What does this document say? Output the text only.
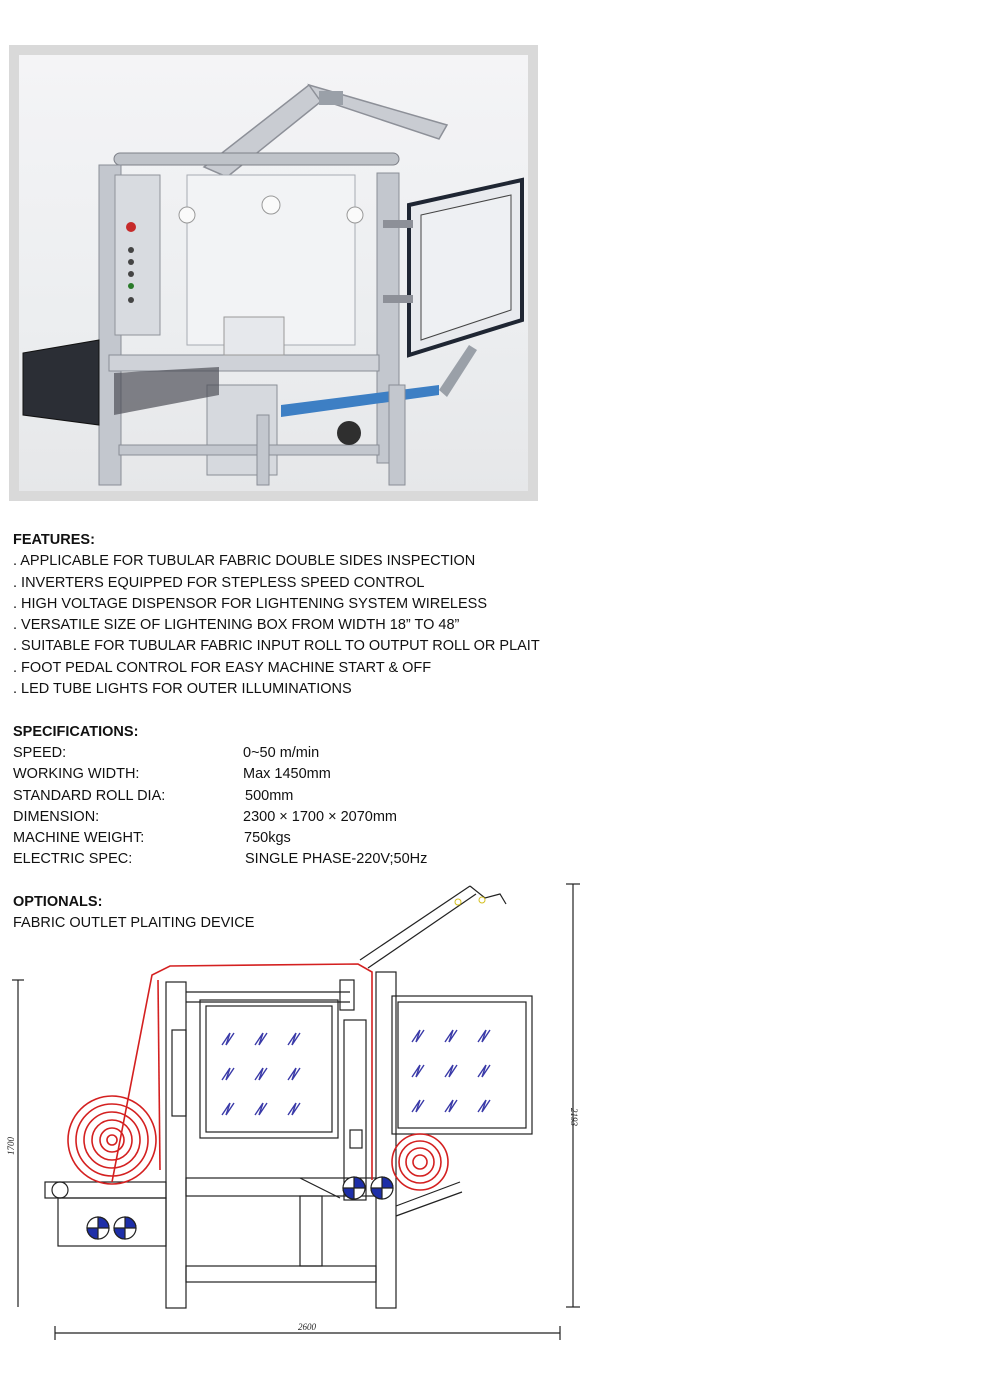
FEATURES:
. APPLICABLE FOR TUBULAR FABRIC DOUBLE SIDES INSPECTION
. INVERTERS EQUIPPED FOR STEPLESS SPEED CONTROL
. HIGH VOLTAGE DISPENSOR FOR LIGHTENING SYSTEM WIRELESS
. VERSATILE SIZE OF LIGHTENING BOX FROM WIDTH 18” TO 48”
. SUITABLE FOR TUBULAR FABRIC INPUT ROLL TO OUTPUT ROLL OR PLAIT
. FOOT PEDAL CONTROL FOR EASY MACHINE START & OFF
. LED TUBE LIGHTS FOR OUTER ILLUMINATIONS
SPECIFICATIONS:
SPEED:	0~50 m/min
WORKING WIDTH:	Max 1450mm
STANDARD ROLL DIA:	500mm
DIMENSION:	2300 × 1700 × 2070mm
MACHINE WEIGHT:	750kgs
ELECTRIC SPEC:	SINGLE PHASE-220V;50Hz
OPTIONALS:
FABRIC OUTLET PLAITING DEVICE
1700
2193
2600
